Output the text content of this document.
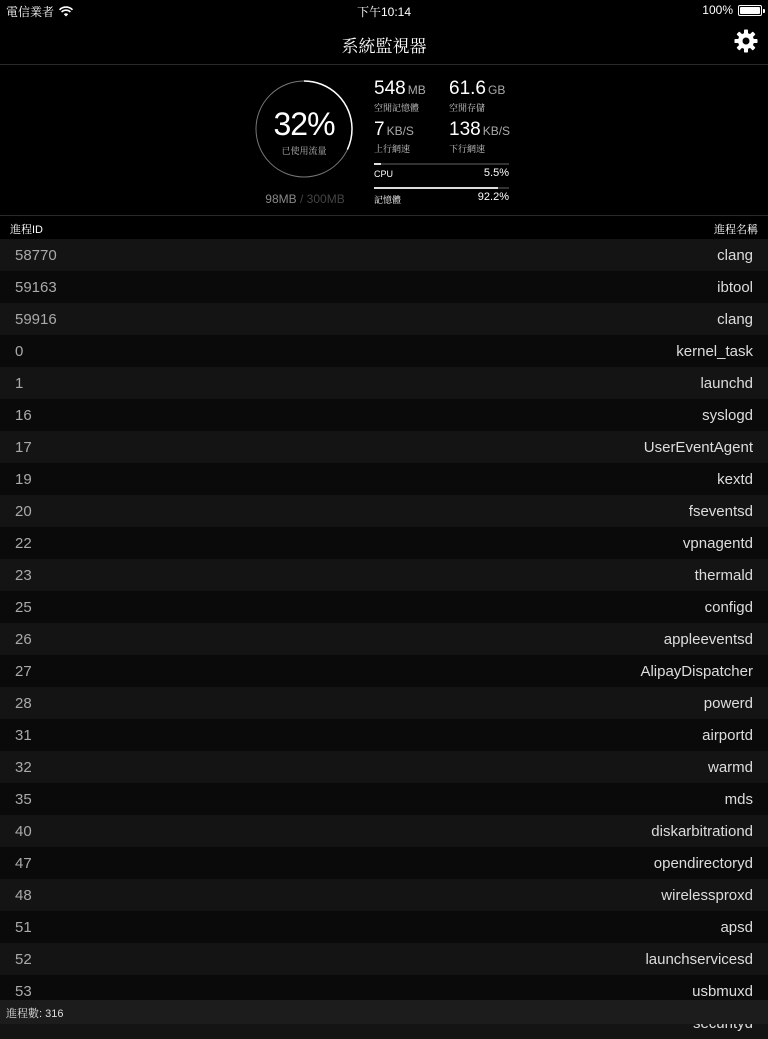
電信業者	下午10:14	100%
系統監視器
32%
已使用流量
98MB / 300MB
548 MB
空閒記憶體
61.6 GB
空閒存儲
7 KB/S
上行網速
138 KB/S
下行網速
CPU	5.5%
記憶體	92.2%
進程ID	進程名稱
58770	clang
59163	ibtool
59916	clang
0	kernel_task
1	launchd
16	syslogd
17	UserEventAgent
19	kextd
20	fseventsd
22	vpnagentd
23	thermald
25	configd
26	appleeventsd
27	AlipayDispatcher
28	powerd
31	airportd
32	warmd
35	mds
40	diskarbitrationd
47	opendirectoryd
48	wirelessproxd
51	apsd
52	launchservicesd
53	usbmuxd
進程數: 316
